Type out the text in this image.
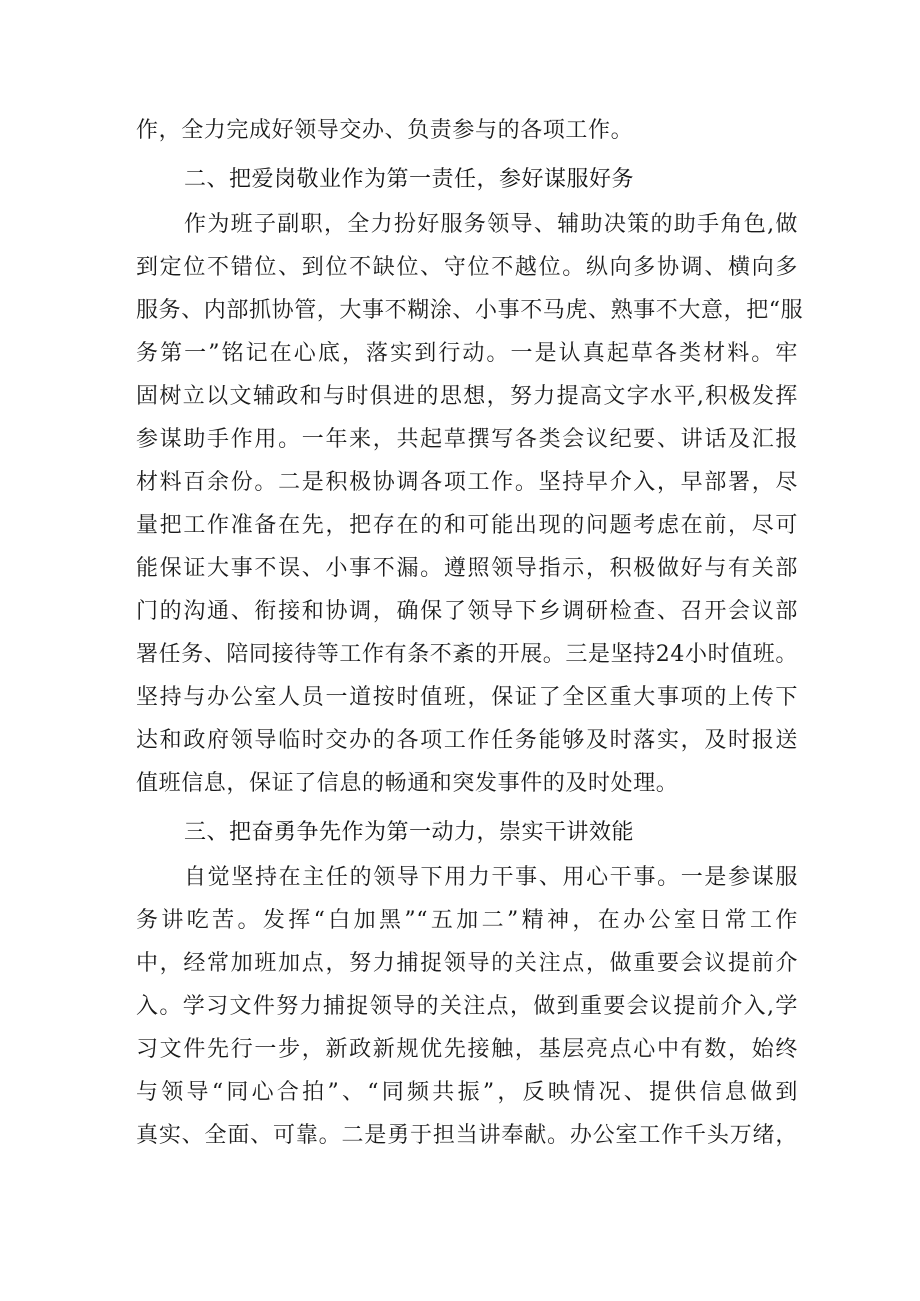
作，全力完成好领导交办、负责参与的各项工作。
二、把爱岗敬业作为第一责任，参好谋服好务
作为班子副职，全力扮好服务领导、辅助决策的助手角色,做
到定位不错位、到位不缺位、守位不越位。纵向多协调、横向多
服务、内部抓协管，大事不糊涂、小事不马虎、熟事不大意，把“服
务第一”铭记在心底，落实到行动。一是认真起草各类材料。牢
固树立以文辅政和与时俱进的思想，努力提高文字水平,积极发挥
参谋助手作用。一年来，共起草撰写各类会议纪要、讲话及汇报
材料百余份。二是积极协调各项工作。坚持早介入，早部署，尽
量把工作准备在先，把存在的和可能出现的问题考虑在前，尽可
能保证大事不误、小事不漏。遵照领导指示，积极做好与有关部
门的沟通、衔接和协调，确保了领导下乡调研检查、召开会议部
署任务、陪同接待等工作有条不紊的开展。三是坚持24小时值班。
坚持与办公室人员一道按时值班，保证了全区重大事项的上传下
达和政府领导临时交办的各项工作任务能够及时落实，及时报送
值班信息，保证了信息的畅通和突发事件的及时处理。
三、把奋勇争先作为第一动力，崇实干讲效能
自觉坚持在主任的领导下用力干事、用心干事。一是参谋服
务讲吃苦。发挥“白加黑”“五加二”精神，在办公室日常工作
中，经常加班加点，努力捕捉领导的关注点，做重要会议提前介
入。学习文件努力捕捉领导的关注点，做到重要会议提前介入,学
习文件先行一步，新政新规优先接触，基层亮点心中有数，始终
与领导“同心合拍”、“同频共振”，反映情况、提供信息做到
真实、全面、可靠。二是勇于担当讲奉献。办公室工作千头万绪，
